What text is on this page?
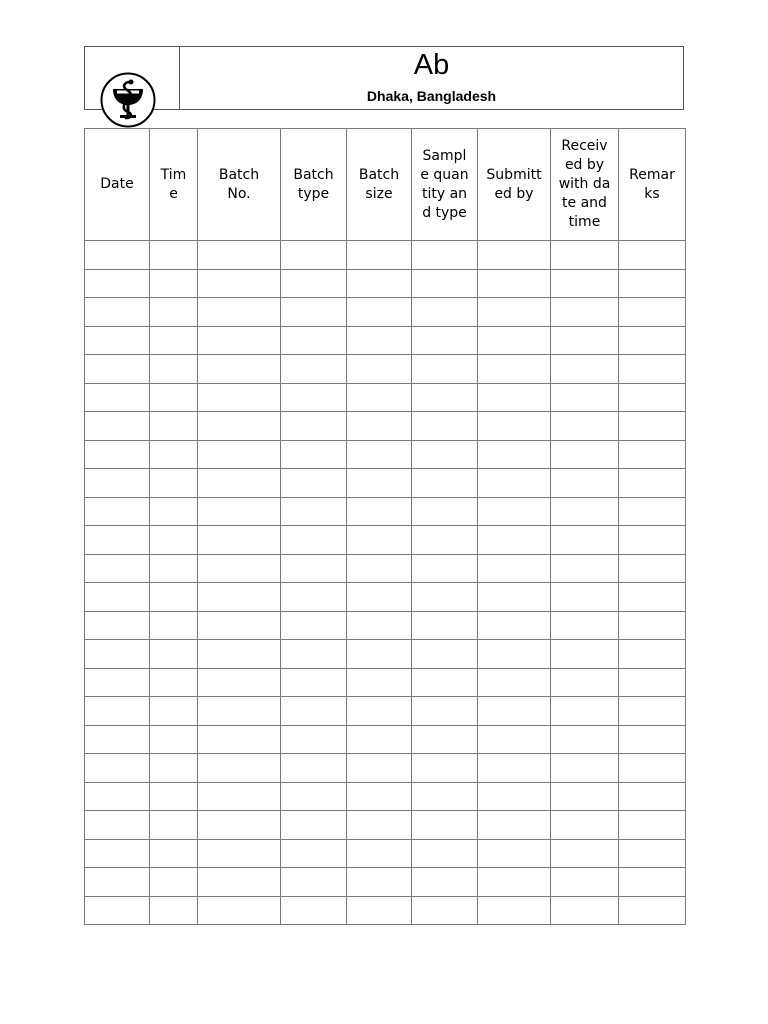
Ab
Dhaka, Bangladesh
Date	Time	Batch No.	Batch type	Batch size	Sample quantity and type	Submitted by	Received by with date and time	Remarks
